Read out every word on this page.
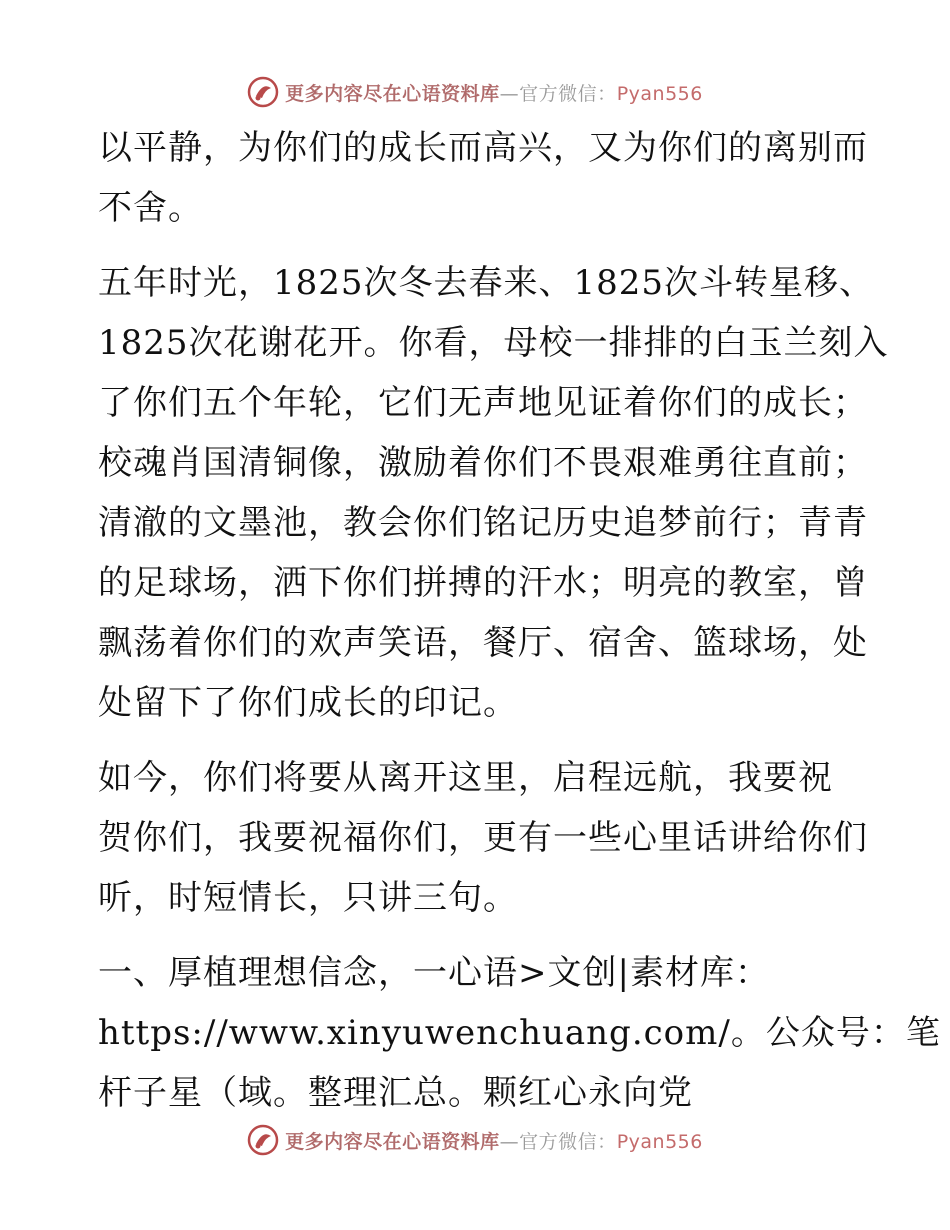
更多内容尽在心语资料库—官方微信：Pyan556

以平静，为你们的成长而高兴，又为你们的离别而
不舍。

五年时光，1825次冬去春来、1825次斗转星移、
1825次花谢花开。你看，母校一排排的白玉兰刻入
了你们五个年轮，它们无声地见证着你们的成长；
校魂肖国清铜像，激励着你们不畏艰难勇往直前；
清澈的文墨池，教会你们铭记历史追梦前行；青青
的足球场，洒下你们拼搏的汗水；明亮的教室，曾
飘荡着你们的欢声笑语，餐厅、宿舍、篮球场，处
处留下了你们成长的印记。

如今，你们将要从离开这里，启程远航，我要祝
贺你们，我要祝福你们，更有一些心里话讲给你们
听，时短情长，只讲三句。

一、厚植理想信念，一心语>文创|素材库：
https://www.xinyuwenchuang.com/。公众号：笔
杆子星（域。整理汇总。颗红心永向党

更多内容尽在心语资料库—官方微信：Pyan556
